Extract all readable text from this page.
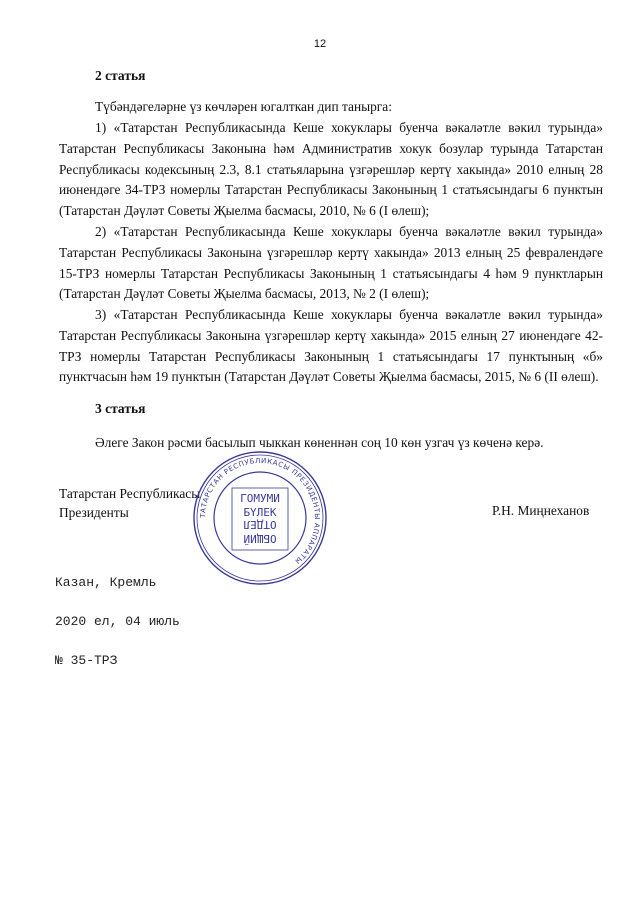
12
2 статья

Түбәндәгеләрне үз көчләрен югалткан дип танырга:

1) «Татарстан Республикасында Кеше хокуклары буенча вәкаләтле вәкил турында» Татарстан Республикасы Законына һәм Административ хокук бозулар турында Татарстан Республикасы кодексының 2.3, 8.1 статьяларына үзгәрешләр кертү хакында» 2010 елның 28 июнендәге 34-ТРЗ номерлы Татарстан Республикасы Законының 1 статьясындагы 6 пунктын (Татарстан Дәүләт Советы Җыелма басмасы, 2010, № 6 (I өлеш);

2) «Татарстан Республикасында Кеше хокуклары буенча вәкаләтле вәкил турында» Татарстан Республикасы Законына үзгәрешләр кертү хакында» 2013 елның 25 февралендәге 15-ТРЗ номерлы Татарстан Республикасы Законының 1 статьясындагы 4 һәм 9 пунктларын (Татарстан Дәүләт Советы Җыелма басмасы, 2013, № 2 (I өлеш);

3) «Татарстан Республикасында Кеше хокуклары буенча вәкаләтле вәкил турында» Татарстан Республикасы Законына үзгәрешләр кертү хакында» 2015 елның 27 июнендәге 42-ТРЗ номерлы Татарстан Республикасы Законының 1 статьясындагы 17 пунктының «б» пунктчасын һәм 19 пунктын (Татарстан Дәүләт Советы Җыелма басмасы, 2015, № 6 (II өлеш).

3 статья

Әлеге Закон рәсми басылып чыккан көненнән соң 10 көн узгач үз көченә керә.

Татарстан Республикасы
Президенты	Р.Н. Миңнеханов

Казан, Кремль

2020 ел, 04 июль

№ 35-ТРЗ

ТАТАРСТАН РЕСПУБЛИКАСЫ ПРЕЗИДЕНТЫ АППАРАТЫ
ГОМУМИ
БҮЛЕК
ОТДЕЛ
ОБЩИЙ
